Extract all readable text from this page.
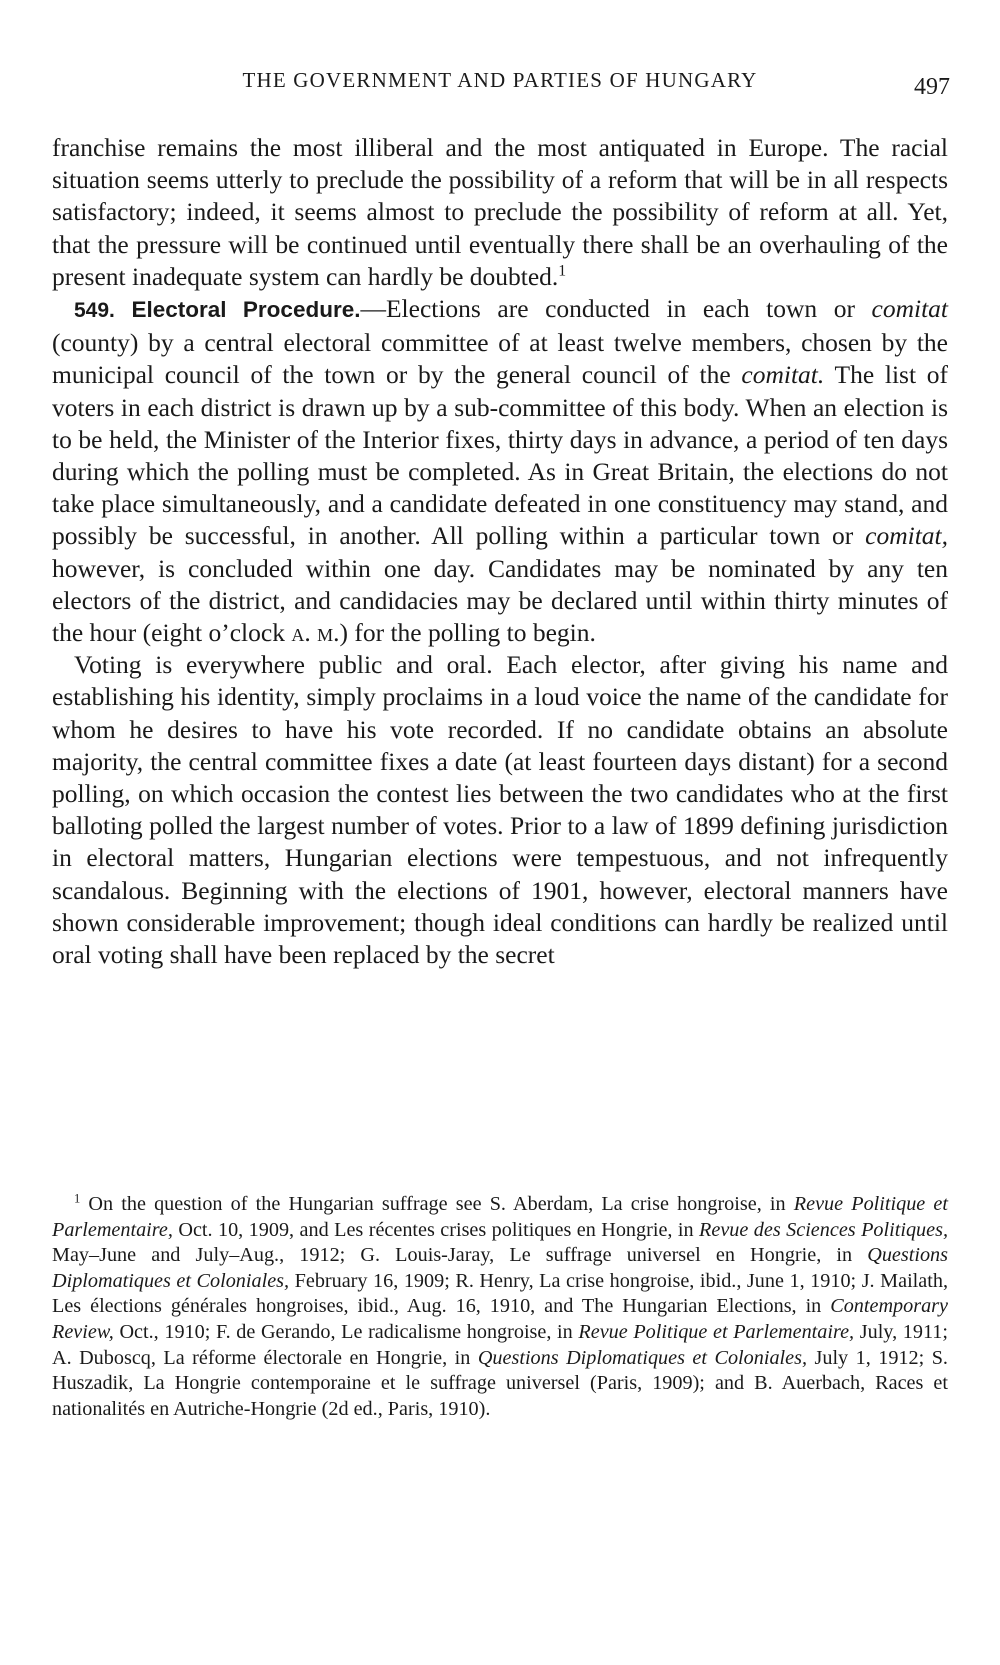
THE GOVERNMENT AND PARTIES OF HUNGARY	497

franchise remains the most illiberal and the most antiquated in Europe. The racial situation seems utterly to preclude the possibility of a reform that will be in all respects satisfactory; indeed, it seems almost to preclude the possibility of reform at all. Yet, that the pressure will be continued until eventually there shall be an overhauling of the present inadequate system can hardly be doubted.$^1$

549. Electoral Procedure.—Elections are conducted in each town or comitat (county) by a central electoral committee of at least twelve members, chosen by the municipal council of the town or by the general council of the comitat. The list of voters in each district is drawn up by a sub-committee of this body. When an election is to be held, the Minister of the Interior fixes, thirty days in advance, a period of ten days during which the polling must be completed. As in Great Britain, the elections do not take place simultaneously, and a candidate defeated in one constituency may stand, and possibly be successful, in another. All polling within a particular town or comitat, however, is concluded within one day. Candidates may be nominated by any ten electors of the district, and candidacies may be declared until within thirty minutes of the hour (eight o’clock a. m.) for the polling to begin.

Voting is everywhere public and oral. Each elector, after giving his name and establishing his identity, simply proclaims in a loud voice the name of the candidate for whom he desires to have his vote recorded. If no candidate obtains an absolute majority, the central committee fixes a date (at least fourteen days distant) for a second polling, on which occasion the contest lies between the two candidates who at the first balloting polled the largest number of votes. Prior to a law of 1899 defining jurisdiction in electoral matters, Hungarian elections were tempestuous, and not infrequently scandalous. Beginning with the elections of 1901, however, electoral manners have shown considerable improvement; though ideal conditions can hardly be realized until oral voting shall have been replaced by the secret

$^1$ On the question of the Hungarian suffrage see S. Aberdam, La crise hongroise, in Revue Politique et Parlementaire, Oct. 10, 1909, and Les récentes crises politiques en Hongrie, in Revue des Sciences Politiques, May–June and July–Aug., 1912; G. Louis-Jaray, Le suffrage universel en Hongrie, in Questions Diplomatiques et Coloniales, February 16, 1909; R. Henry, La crise hongroise, ibid., June 1, 1910; J. Mailath, Les élections générales hongroises, ibid., Aug. 16, 1910, and The Hungarian Elections, in Contemporary Review, Oct., 1910; F. de Gerando, Le radicalisme hongroise, in Revue Politique et Parlementaire, July, 1911; A. Duboscq, La réforme électorale en Hongrie, in Questions Diplomatiques et Coloniales, July 1, 1912; S. Huszadik, La Hongrie contemporaine et le suffrage universel (Paris, 1909); and B. Auerbach, Races et nationalités en Autriche-Hongrie (2d ed., Paris, 1910).
